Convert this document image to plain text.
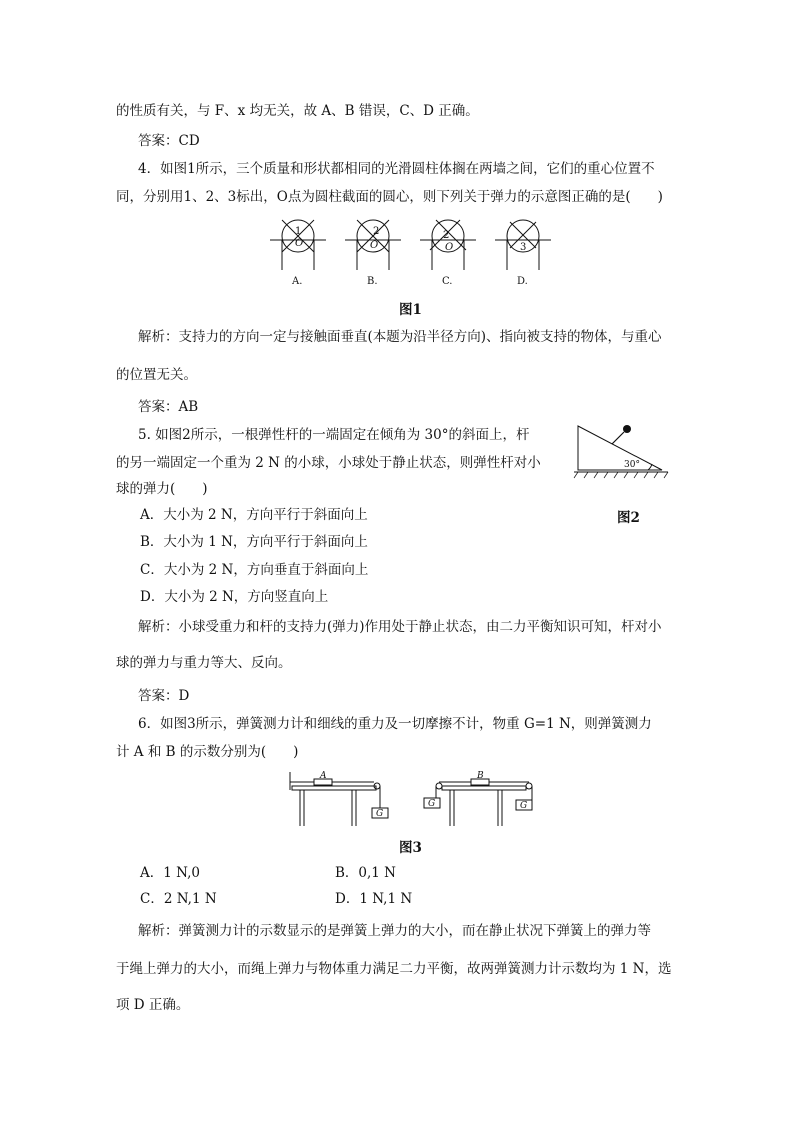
的性质有关，与 F、x 均无关，故 A、B 错误，C、D 正确。
答案：CD
4．如图1所示，三个质量和形状都相同的光滑圆柱体搁在两墙之间，它们的重心位置不
同，分别用1、2、3标出，O点为圆柱截面的圆心，则下列关于弹力的示意图正确的是(　　)
O	O	O
1	2	2
3
A.	B.	C.	D.
图1
解析：支持力的方向一定与接触面垂直(本题为沿半径方向)、指向被支持的物体，与重心
的位置无关。
答案：AB
5. 如图2所示，一根弹性杆的一端固定在倾角为 30°的斜面上，杆
的另一端固定一个重为 2 N 的小球，小球处于静止状态，则弹性杆对小
球的弹力(　　)
30°
A．大小为 2 N，方向平行于斜面向上	图2
B．大小为 1 N，方向平行于斜面向上
C．大小为 2 N，方向垂直于斜面向上
D．大小为 2 N，方向竖直向上
解析：小球受重力和杆的支持力(弹力)作用处于静止状态，由二力平衡知识可知，杆对小
球的弹力与重力等大、反向。
答案：D
6．如图3所示，弹簧测力计和细线的重力及一切摩擦不计，物重 G=1 N，则弹簧测力
计 A 和 B 的示数分别为(　　)
A	B
G
G	G
图3
A．1 N,0	B．0,1 N
C．2 N,1 N	D．1 N,1 N
解析：弹簧测力计的示数显示的是弹簧上弹力的大小，而在静止状况下弹簧上的弹力等
于绳上弹力的大小，而绳上弹力与物体重力满足二力平衡，故两弹簧测力计示数均为 1 N，选
项 D 正确。
